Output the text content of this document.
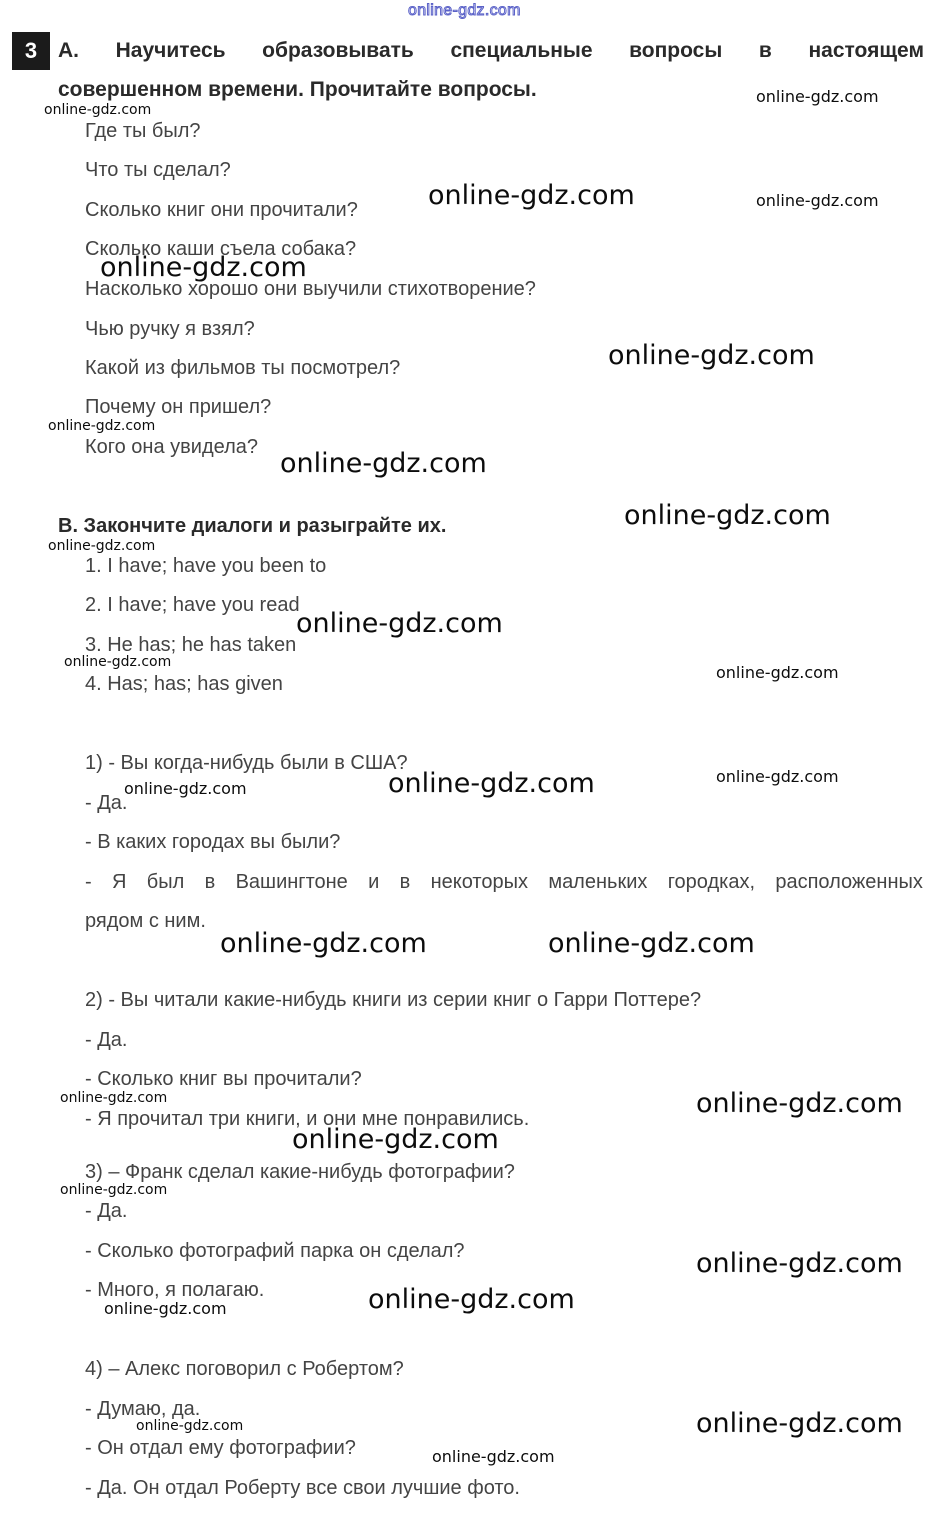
online-gdz.com
3 A. Научитесь образовывать специальные вопросы в настоящем
совершенном времени. Прочитайте вопросы.
Где ты был?
Что ты сделал?
Сколько книг они прочитали?
Сколько каши съела собака?
Насколько хорошо они выучили стихотворение?
Чью ручку я взял?
Какой из фильмов ты посмотрел?
Почему он пришел?
Кого она увидела?
B. Закончите диалоги и разыграйте их.
1. I have; have you been to
2. I have; have you read
3. He has; he has taken
4. Has; has; has given
1) - Вы когда-нибудь были в США?
- Да.
- В каких городах вы были?
- Я был в Вашингтоне и в некоторых маленьких городках, расположенных
рядом с ним.
2) - Вы читали какие-нибудь книги из серии книг о Гарри Поттере?
- Да.
- Сколько книг вы прочитали?
- Я прочитал три книги, и они мне понравились.
3) – Франк сделал какие-нибудь фотографии?
- Да.
- Сколько фотографий парка он сделал?
- Много, я полагаю.
4) – Алекс поговорил с Робертом?
- Думаю, да.
- Он отдал ему фотографии?
- Да. Он отдал Роберту все свои лучшие фото.
online-gdz.com
online-gdz.com
online-gdz.com	online-gdz.com
online-gdz.com
online-gdz.com
online-gdz.com
online-gdz.com
online-gdz.com
online-gdz.com
online-gdz.com
online-gdz.com
online-gdz.com
online-gdz.com
online-gdz.com
online-gdz.com
online-gdz.com	online-gdz.com
online-gdz.com	online-gdz.com
online-gdz.com
online-gdz.com
online-gdz.com
online-gdz.com
online-gdz.com
online-gdz.com	online-gdz.com
online-gdz.com
